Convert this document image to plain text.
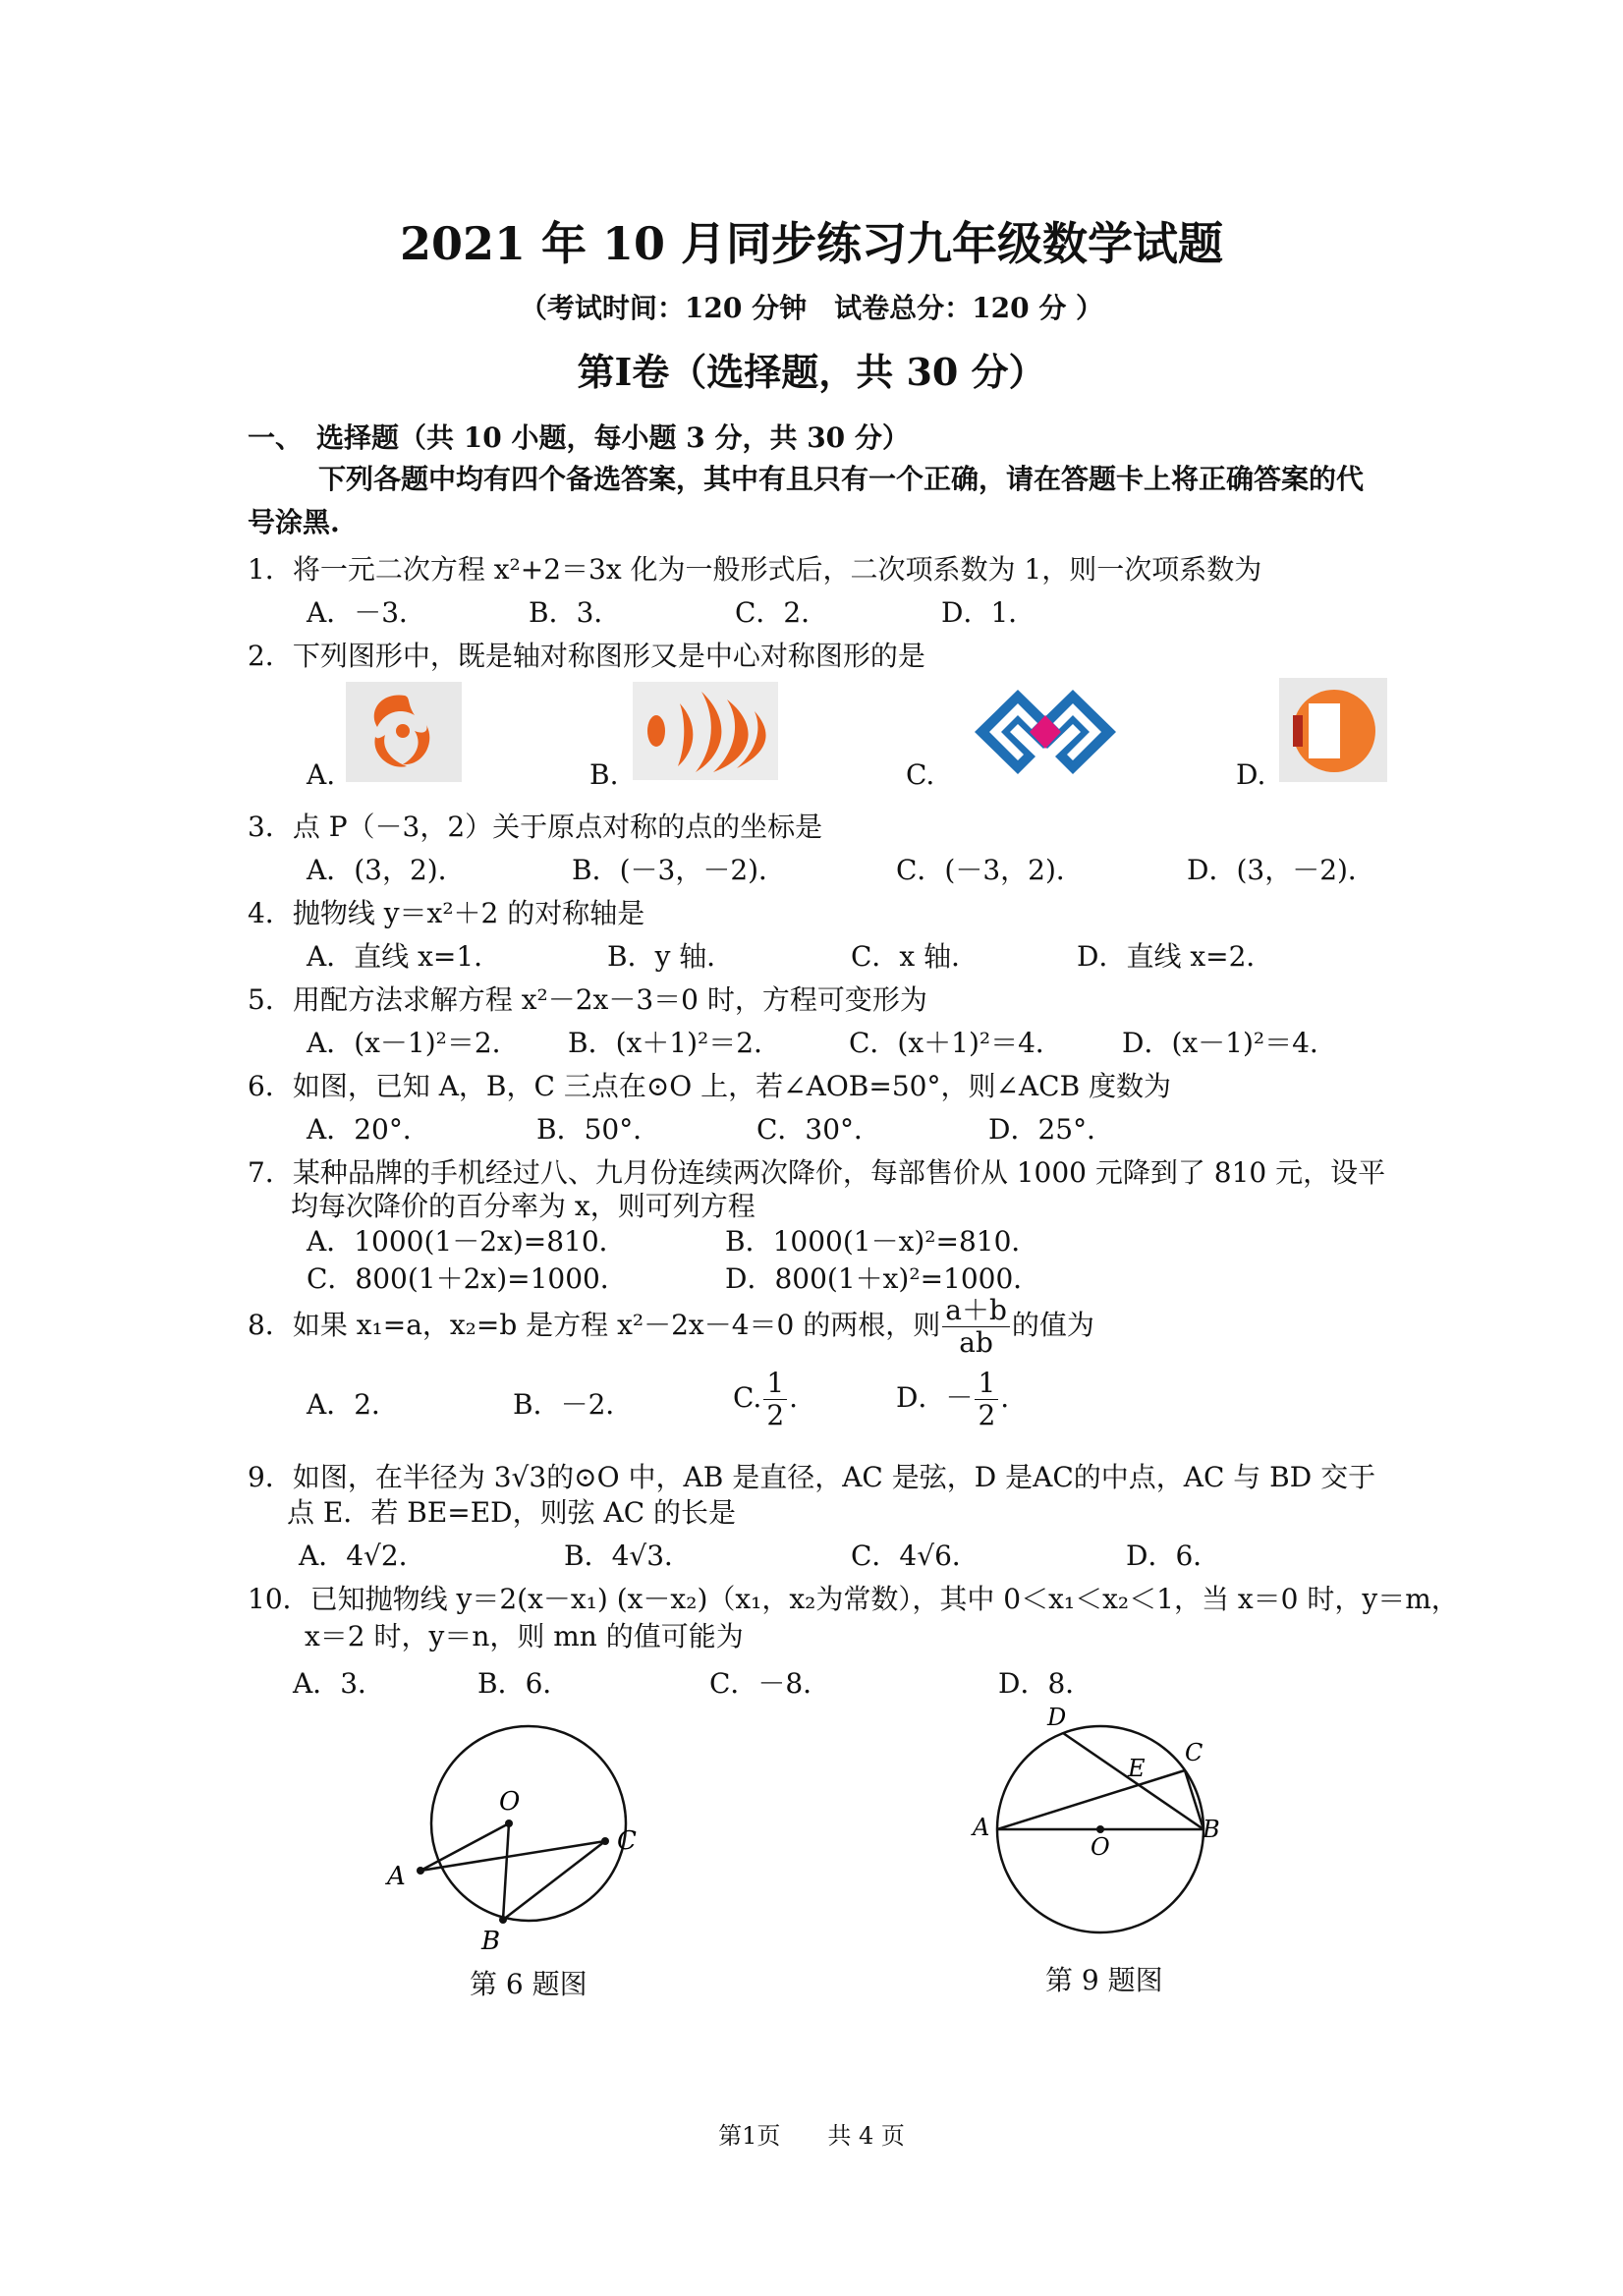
2021 年 10 月同步练习九年级数学试题
（考试时间：120 分钟　试卷总分：120 分 ）
第Ⅰ卷（选择题，共 30 分）
一、　选择题（共 10 小题，每小题 3 分，共 30 分）
下列各题中均有四个备选答案，其中有且只有一个正确，请在答题卡上将正确答案的代号涂黑.
1．将一元二次方程 x²+2＝3x 化为一般形式后，二次项系数为 1，则一次项系数为
A．－3．	B．3．	C．2．	D．1．
2．下列图形中，既是轴对称图形又是中心对称图形的是
A.	B.	C.	D.
3．点 P（－3，2）关于原点对称的点的坐标是
A．(3，2)．	B．(－3，－2)．	C．(－3，2)．	D．(3，－2)．
4．抛物线 y＝x²＋2 的对称轴是
A．直线 x=1．	B．y 轴．	C．x 轴．	D．直线 x=2．
5．用配方法求解方程 x²－2x－3＝0 时，方程可变形为
A．(x－1)²＝2． B．(x＋1)²＝2． C．(x＋1)²＝4． D．(x－1)²＝4．
6．如图，已知 A，B，C 三点在⊙O 上，若∠AOB=50°，则∠ACB 度数为
A．20°．	B．50°．	C．30°．	D．25°．
7．某种品牌的手机经过八、九月份连续两次降价，每部售价从 1000 元降到了 810 元，设平
均每次降价的百分率为 x，则可列方程
A．1000(1－2x)=810．	B．1000(1－x)²=810．
C．800(1＋2x)=1000．	D．800(1＋x)²=1000．
8．如果 x₁=a，x₂=b 是方程 x²－2x－4＝0 的两根，则 $\frac{a+b}{ab}$ 的值为
A．2．	B．－2．	C. $\frac{1}{2}$ .	D．－ $\frac{1}{2}$ .
9．如图，在半径为 3√3的⊙O 中，AB 是直径，AC 是弦，D 是AC的中点，AC 与 BD 交于
点 E．若 BE=ED，则弦 AC 的长是
A．4√2．	B．4√3．	C．4√6．	D．6．
10．已知抛物线 y＝2(x－x₁) (x－x₂)（x₁，x₂为常数），其中 0＜x₁＜x₂＜1，当 x＝0 时，y＝m，
x＝2 时，y＝n，则 mn 的值可能为
A．3．	B．6．	C．－8．	D．8．
O
A
B
C
第 6 题图
D
E
C
A
O
B
第 9 题图
第1页　　共 4 页
